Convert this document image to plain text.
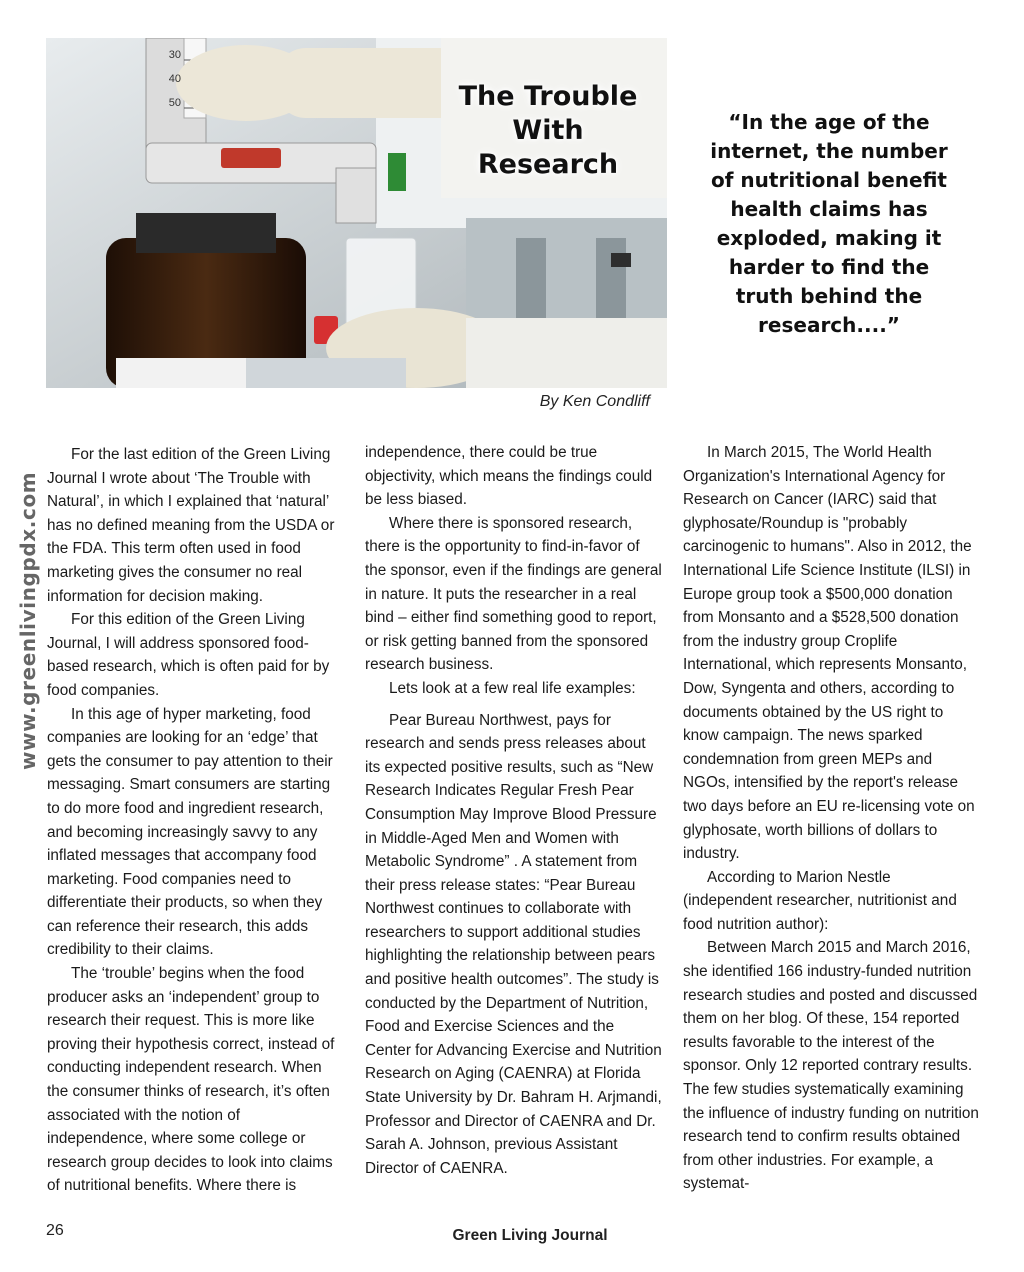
30
40
50	The Trouble With Research
“In the age of the internet, the number of nutritional benefit health claims has exploded, making it harder to find the truth behind the research....”
By Ken Condliff
www.greenlivingpdx.com

For the last edition of the Green Living Journal I wrote about ‘The Trouble with Natural’, in which I explained that ‘natural’ has no defined meaning from the USDA or the FDA. This term often used in food marketing gives the consumer no real information for decision making.

For this edition of the Green Living Journal, I will address sponsored food-based research, which is often paid for by food companies.

In this age of hyper marketing, food companies are looking for an ‘edge’ that gets the consumer to pay attention to their messaging. Smart consumers are starting to do more food and ingredient research, and becoming increasingly savvy to any inflated messages that accompany food marketing. Food companies need to differentiate their products, so when they can reference their research, this adds credibility to their claims.

The ‘trouble’ begins when the food producer asks an ‘independent’ group to research their request. This is more like proving their hypothesis correct, instead of conducting independent research. When the consumer thinks of research, it’s often associated with the notion of independence, where some college or research group decides to look into claims of nutritional benefits. Where there is

independence, there could be true objectivity, which means the findings could be less biased.

Where there is sponsored research, there is the opportunity to find-in-favor of the sponsor, even if the findings are general in nature. It puts the researcher in a real bind – either find something good to report, or risk getting banned from the sponsored research business.

Lets look at a few real life examples:

Pear Bureau Northwest, pays for research and sends press releases about its expected positive results, such as “New Research Indicates Regular Fresh Pear Consumption May Improve Blood Pressure in Middle-Aged Men and Women with Metabolic Syndrome” . A statement from their press release states: “Pear Bureau Northwest continues to collaborate with researchers to support additional studies highlighting the relationship between pears and positive health outcomes”. The study is conducted by the Department of Nutrition, Food and Exercise Sciences and the Center for Advancing Exercise and Nutrition Research on Aging (CAENRA) at Florida State University by Dr. Bahram H. Arjmandi, Professor and Director of CAENRA and Dr. Sarah A. Johnson, previous Assistant Director of CAENRA.

In March 2015, The World Health Organization's International Agency for Research on Cancer (IARC) said that glyphosate/Roundup is "probably carcinogenic to humans". Also in 2012, the International Life Science Institute (ILSI) in Europe group took a $500,000 donation from Monsanto and a $528,500 donation from the industry group Croplife International, which represents Monsanto, Dow, Syngenta and others, according to documents obtained by the US right to know campaign. The news sparked condemnation from green MEPs and NGOs, intensified by the report's release two days before an EU re-licensing vote on glyphosate, worth billions of dollars to industry.

According to Marion Nestle (independent researcher, nutritionist and food nutrition author):

Between March 2015 and March 2016, she identified 166 industry-funded nutrition research studies and posted and discussed them on her blog. Of these, 154 reported results favorable to the interest of the sponsor. Only 12 reported contrary results. The few studies systematically examining the influence of industry funding on nutrition research tend to confirm results obtained from other industries. For example, a systemat-

26	Green Living Journal
